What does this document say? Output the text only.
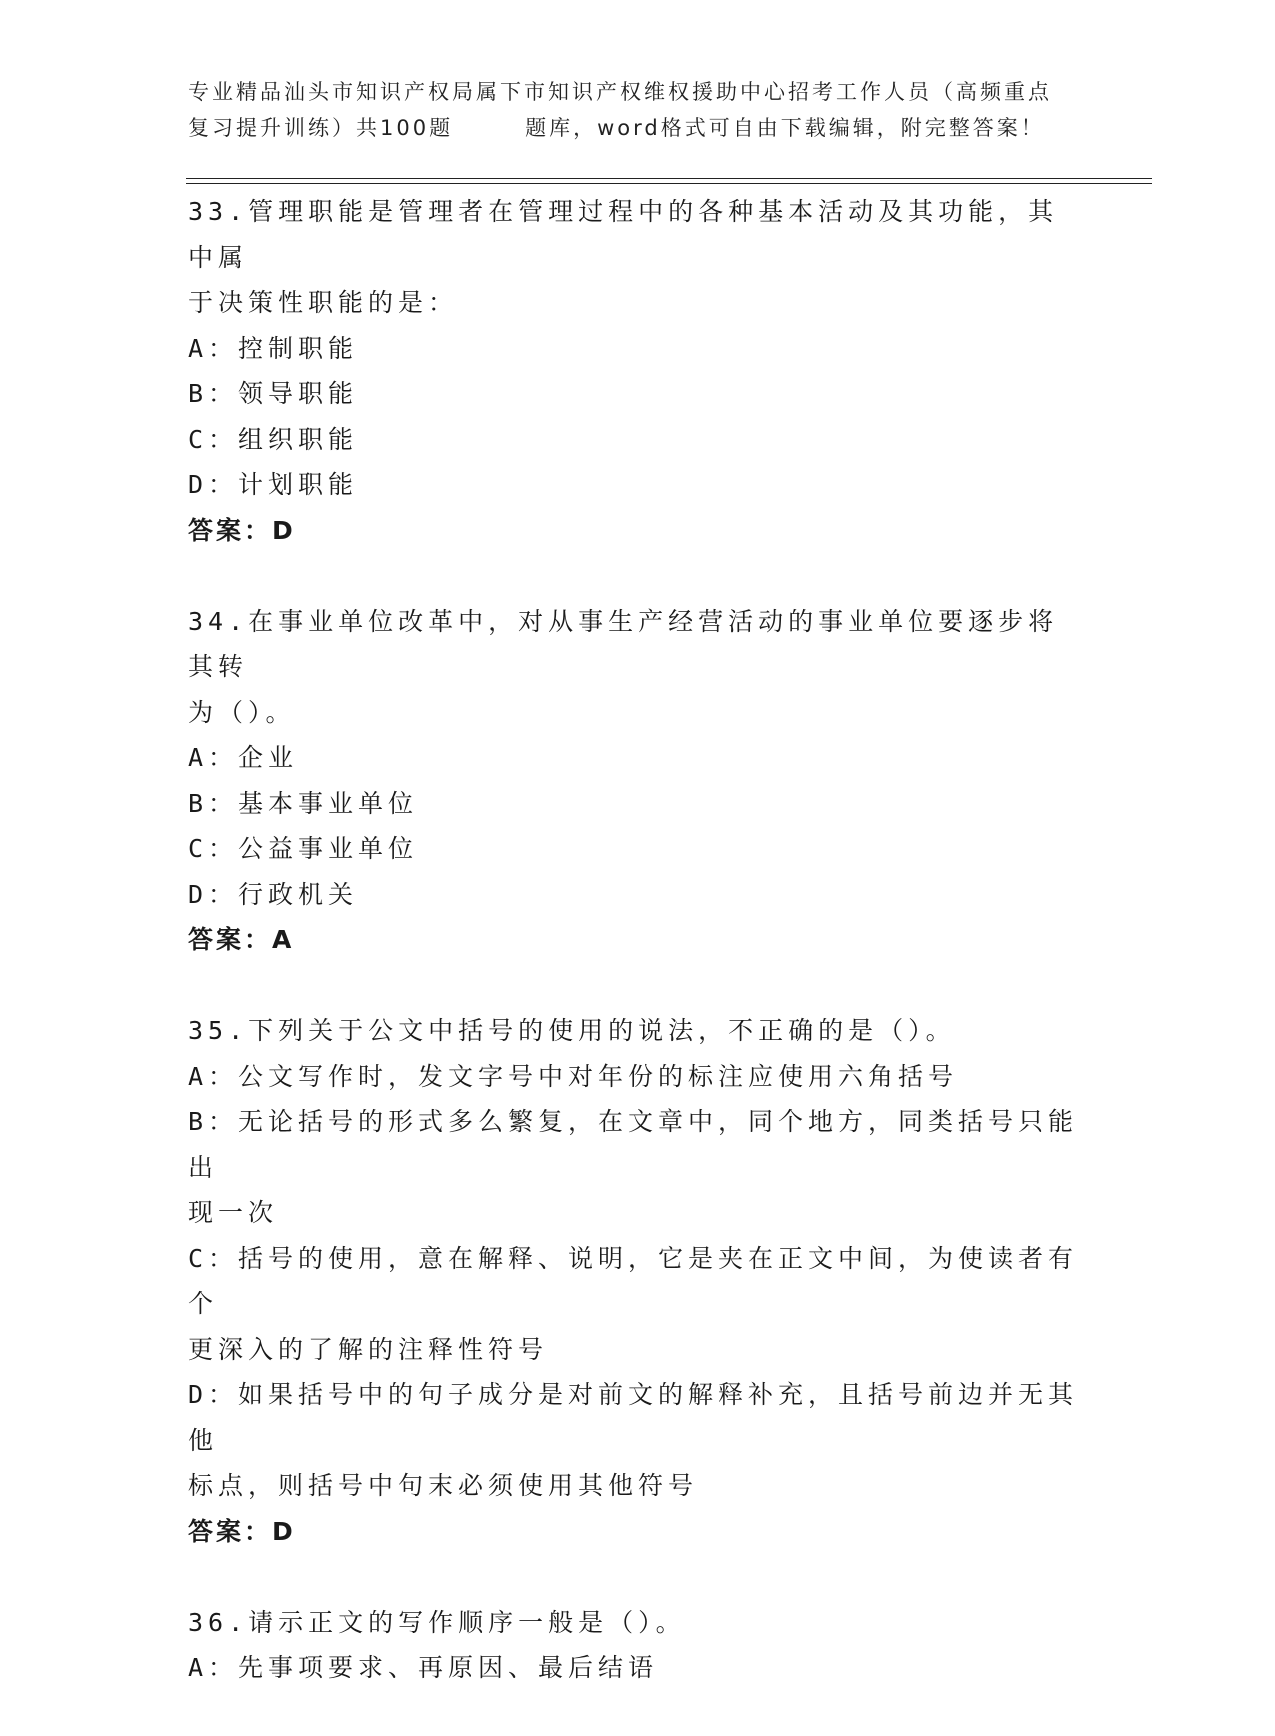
专业精品汕头市知识产权局属下市知识产权维权援助中心招考工作人员（高频重点
复习提升训练）共100题	题库，word格式可自由下载编辑，附完整答案！
33.管理职能是管理者在管理过程中的各种基本活动及其功能，其中属
于决策性职能的是：
A：控制职能
B：领导职能
C：组织职能
D：计划职能
答案：D
34.在事业单位改革中，对从事生产经营活动的事业单位要逐步将其转
为（）。
A：企业
B：基本事业单位
C：公益事业单位
D：行政机关
答案：A
35.下列关于公文中括号的使用的说法，不正确的是（）。
A：公文写作时，发文字号中对年份的标注应使用六角括号
B：无论括号的形式多么繁复，在文章中，同个地方，同类括号只能出
现一次
C：括号的使用，意在解释、说明，它是夹在正文中间，为使读者有个
更深入的了解的注释性符号
D：如果括号中的句子成分是对前文的解释补充，且括号前边并无其他
标点，则括号中句末必须使用其他符号
答案：D
36.请示正文的写作顺序一般是（）。
A：先事项要求、再原因、最后结语
